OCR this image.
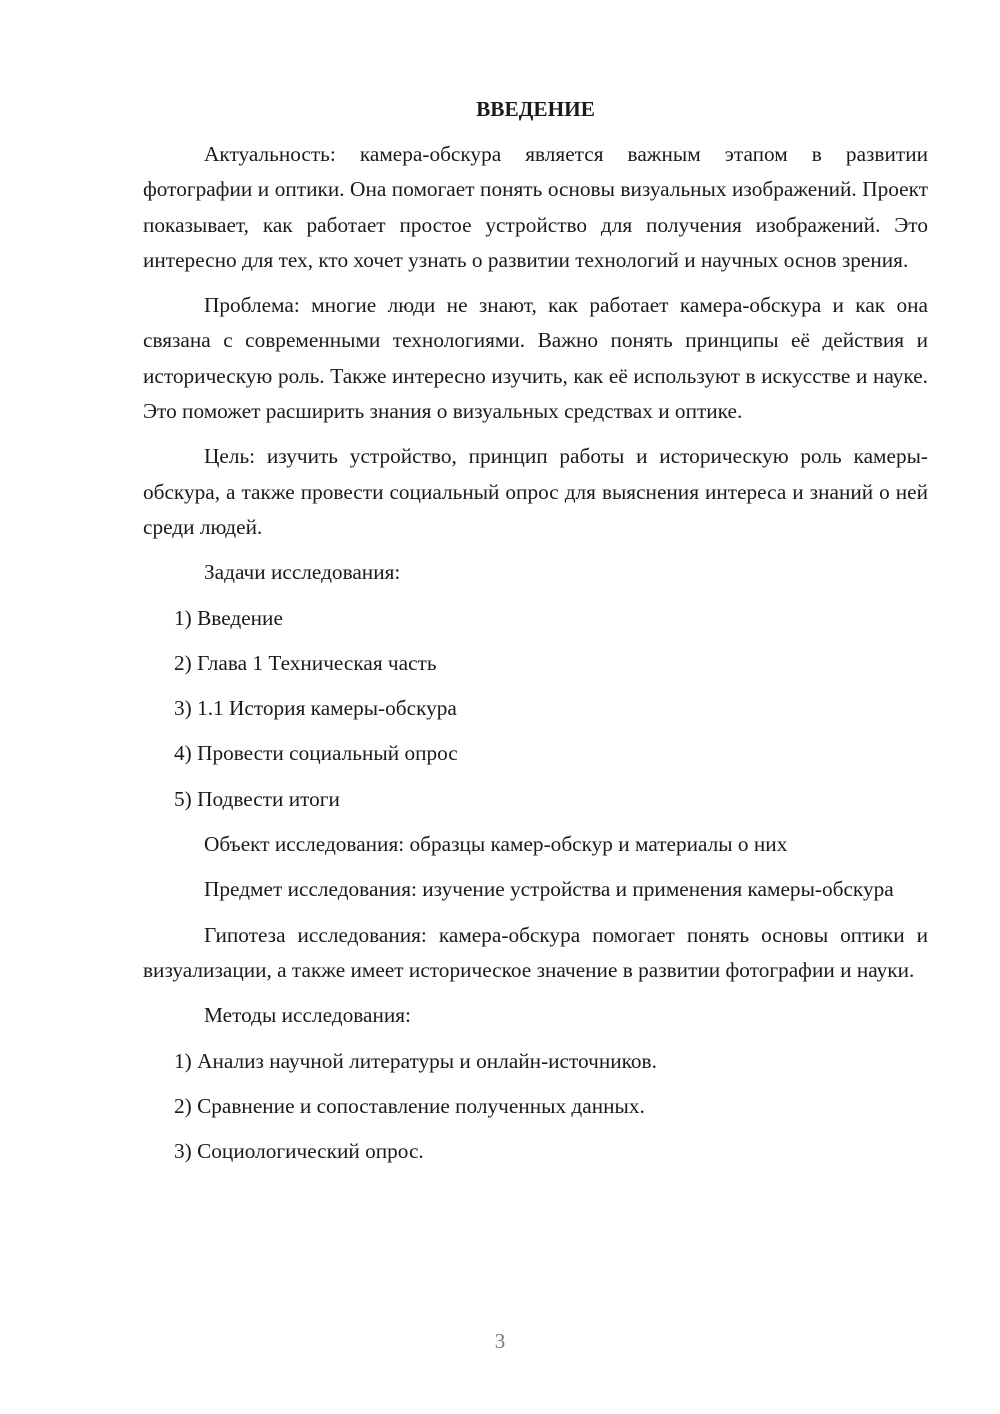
ВВЕДЕНИЕ

Актуальность: камера-обскура является важным этапом в развитии фотографии и оптики. Она помогает понять основы визуальных изображений. Проект показывает, как работает простое устройство для получения изображений. Это интересно для тех, кто хочет узнать о развитии технологий и научных основ зрения.

Проблема: многие люди не знают, как работает камера-обскура и как она связана с современными технологиями. Важно понять принципы её действия и историческую роль. Также интересно изучить, как её используют в искусстве и науке. Это поможет расширить знания о визуальных средствах и оптике.

Цель: изучить устройство, принцип работы и историческую роль камеры-обскура, а также провести социальный опрос для выяснения интереса и знаний о ней среди людей.

Задачи исследования:
1) Введение
2) Глава 1 Техническая часть
3) 1.1 История камеры-обскура
4) Провести социальный опрос
5) Подвести итоги
Объект исследования: образцы камер-обскур и материалы о них

Предмет исследования: изучение устройства и применения камеры-обскура

Гипотеза исследования: камера-обскура помогает понять основы оптики и визуализации, а также имеет историческое значение в развитии фотографии и науки.

Методы исследования:
1) Анализ научной литературы и онлайн-источников.
2) Сравнение и сопоставление полученных данных.
3) Социологический опрос.
3
